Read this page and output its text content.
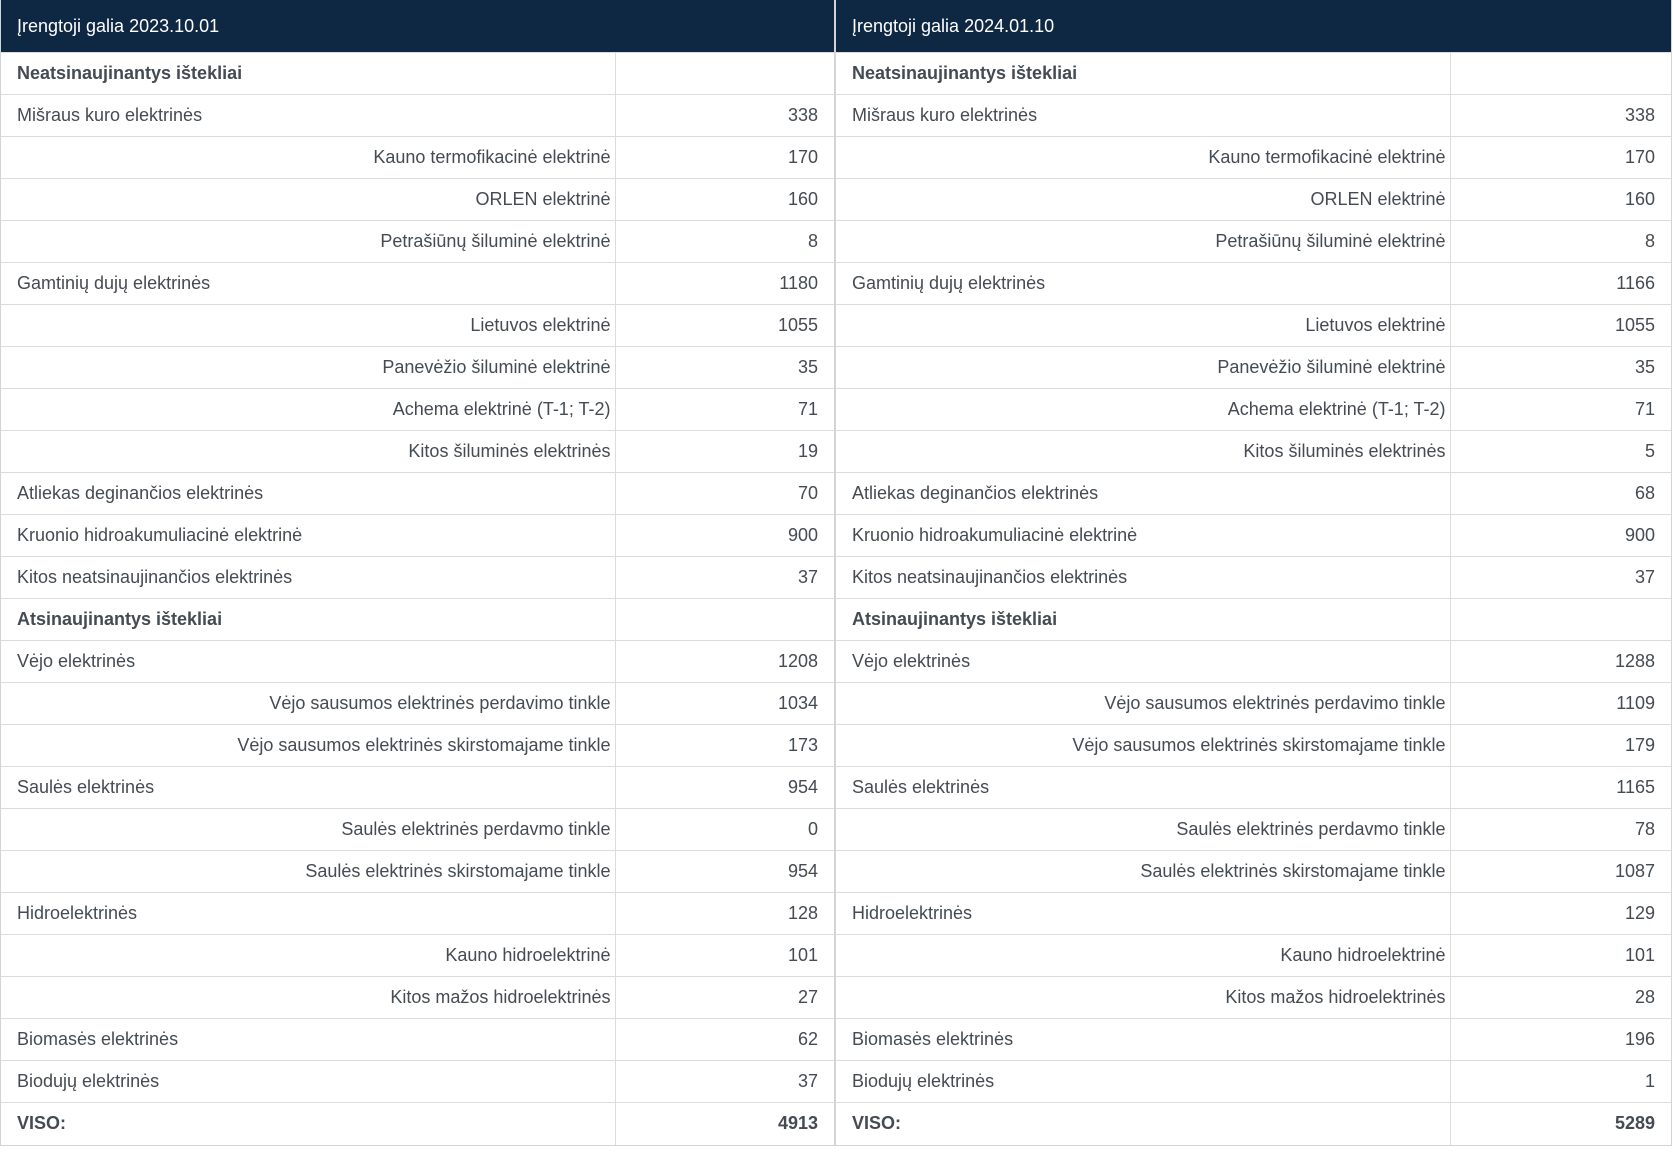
Įrengtoji galia 2023.10.01
Neatsinaujinantys ištekliai	
Mišraus kuro elektrinės	338
Kauno termofikacinė elektrinė	170
ORLEN elektrinė	160
Petrašiūnų šiluminė elektrinė	8
Gamtinių dujų elektrinės	1180
Lietuvos elektrinė	1055
Panevėžio šiluminė elektrinė	35
Achema elektrinė (T-1; T-2)	71
Kitos šiluminės elektrinės	19
Atliekas deginančios elektrinės	70
Kruonio hidroakumuliacinė elektrinė	900
Kitos neatsinaujinančios elektrinės	37
Atsinaujinantys ištekliai	
Vėjo elektrinės	1208
Vėjo sausumos elektrinės perdavimo tinkle	1034
Vėjo sausumos elektrinės skirstomajame tinkle	173
Saulės elektrinės	954
Saulės elektrinės perdavmo tinkle	0
Saulės elektrinės skirstomajame tinkle	954
Hidroelektrinės	128
Kauno hidroelektrinė	101
Kitos mažos hidroelektrinės	27
Biomasės elektrinės	62
Biodujų elektrinės	37
VISO:	4913
Įrengtoji galia 2024.01.10
Neatsinaujinantys ištekliai	
Mišraus kuro elektrinės	338
Kauno termofikacinė elektrinė	170
ORLEN elektrinė	160
Petrašiūnų šiluminė elektrinė	8
Gamtinių dujų elektrinės	1166
Lietuvos elektrinė	1055
Panevėžio šiluminė elektrinė	35
Achema elektrinė (T-1; T-2)	71
Kitos šiluminės elektrinės	5
Atliekas deginančios elektrinės	68
Kruonio hidroakumuliacinė elektrinė	900
Kitos neatsinaujinančios elektrinės	37
Atsinaujinantys ištekliai	
Vėjo elektrinės	1288
Vėjo sausumos elektrinės perdavimo tinkle	1109
Vėjo sausumos elektrinės skirstomajame tinkle	179
Saulės elektrinės	1165
Saulės elektrinės perdavmo tinkle	78
Saulės elektrinės skirstomajame tinkle	1087
Hidroelektrinės	129
Kauno hidroelektrinė	101
Kitos mažos hidroelektrinės	28
Biomasės elektrinės	196
Biodujų elektrinės	1
VISO:	5289
